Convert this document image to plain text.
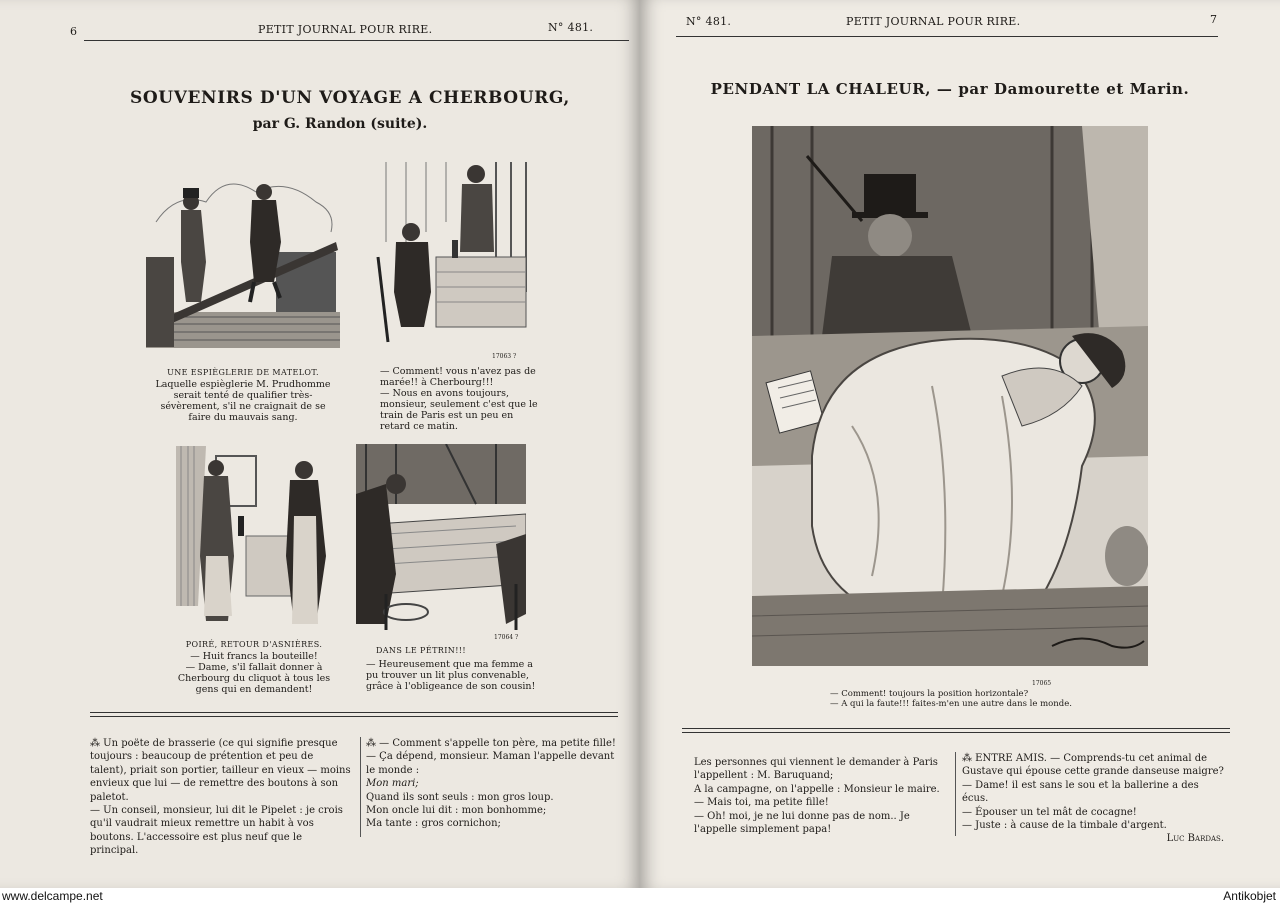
6	PETIT JOURNAL POUR RIRE.	N° 481.
SOUVENIRS D'UN VOYAGE A CHERBOURG,
par G. Randon (suite).
UNE ESPIÈGLERIE DE MATELOT.
Laquelle espièglerie M. Prudhomme serait tenté de qualifier très-sévèrement, s'il ne craignait de se faire du mauvais sang.
17063 ?
— Comment! vous n'avez pas de marée!! à Cherbourg!!!
— Nous en avons toujours, monsieur, seulement c'est que le train de Paris est un peu en retard ce matin.
POIRÉ, RETOUR D'ASNIÈRES.
— Huit francs la bouteille!
— Dame, s'il fallait donner à Cherbourg du cliquot à tous les gens qui en demandent!
DANS LE PÉTRIN!!!
17064 ?
— Heureusement que ma femme a pu trouver un lit plus convenable, grâce à l'obligeance de son cousin!

⁂ Un poëte de brasserie (ce qui signifie presque toujours : beaucoup de prétention et peu de talent), priait son portier, tailleur en vieux — moins envieux que lui — de remettre des boutons à son paletot.

— Un conseil, monsieur, lui dit le Pipelet : je crois qu'il vaudrait mieux remettre un habit à vos boutons. L'accessoire est plus neuf que le principal.

⁂ — Comment s'appelle ton père, ma petite fille!

— Ça dépend, monsieur. Maman l'appelle devant le monde :

Mon mari;

Quand ils sont seuls : mon gros loup.

Mon oncle lui dit : mon bonhomme;

Ma tante : gros cornichon;

N° 481.	PETIT JOURNAL POUR RIRE.	7
PENDANT LA CHALEUR, — par Damourette et Marin.
17065
— Comment! toujours la position horizontale?
— A qui la faute!!! faites-m'en une autre dans le monde.

Les personnes qui viennent le demander à Paris l'appellent : M. Baruquand;

A la campagne, on l'appelle : Monsieur le maire.

— Mais toi, ma petite fille!

— Oh! moi, je ne lui donne pas de nom.. Je l'appelle simplement papa!

⁂ ENTRE AMIS. — Comprends-tu cet animal de Gustave qui épouse cette grande danseuse maigre?

— Dame! il est sans le sou et la ballerine a des écus.

— Épouser un tel mât de cocagne!

— Juste : à cause de la timbale d'argent.

Luc Bardas.

www.delcampe.net	Antikobjet
